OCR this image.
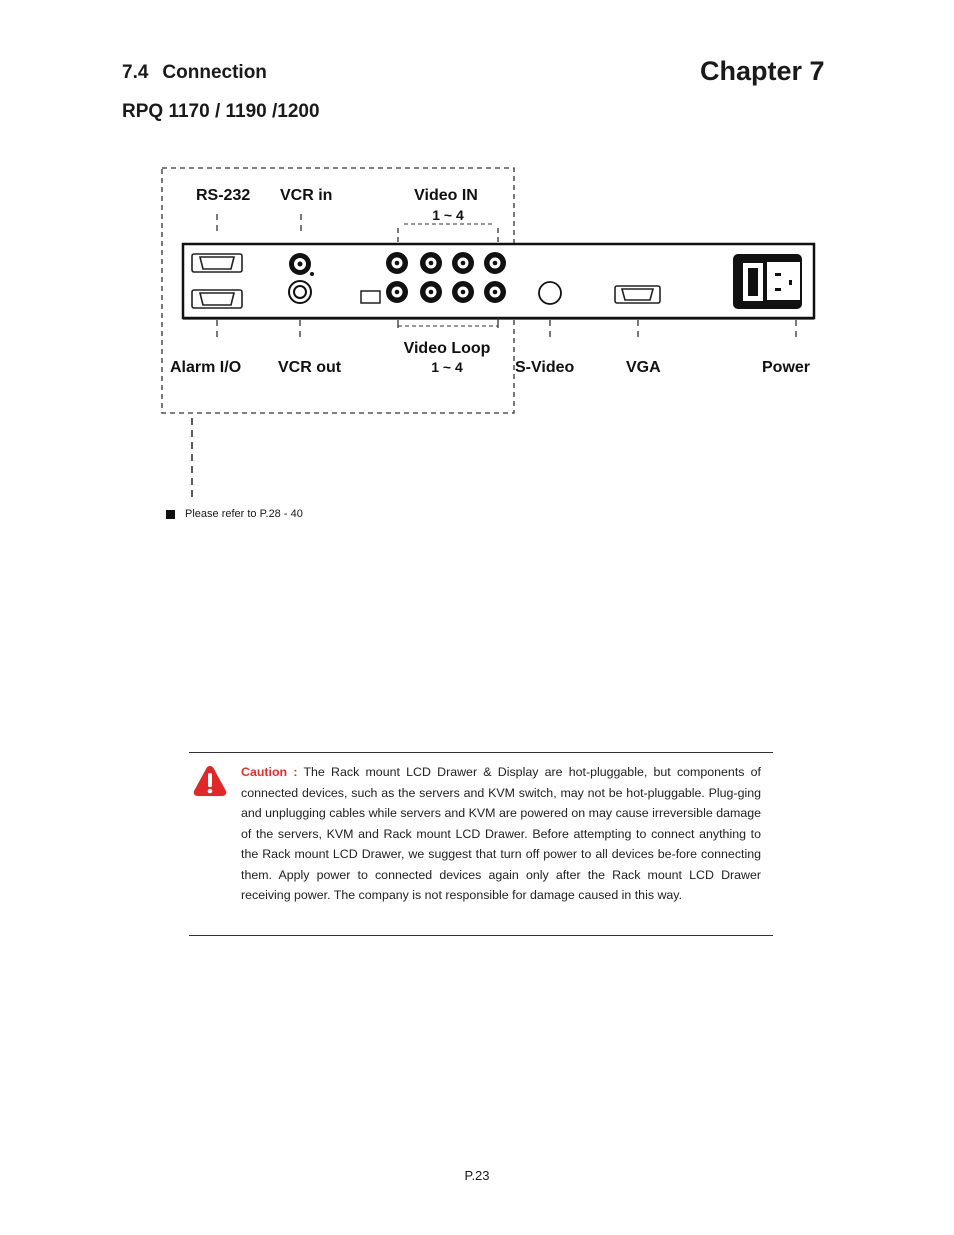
7.4 Connection	Chapter 7
RPQ 1170 / 1190 /1200
RS-232 VCR in	Video IN
1 ~ 4
Alarm I/O VCR out
Video Loop
1 ~ 4	S-Video	VGA	Power
Please refer to P.28 - 40
Caution : The Rack mount LCD Drawer & Display are hot-pluggable, but components of connected devices, such as the servers and KVM switch, may not be hot-pluggable. Plug-ging and unplugging cables while servers and KVM are powered on may cause irreversible damage of the servers, KVM and Rack mount LCD Drawer. Before attempting to connect anything to the Rack mount LCD Drawer, we suggest that turn off power to all devices be-fore connecting them. Apply power to connected devices again only after the Rack mount LCD Drawer receiving power. The company is not responsible for damage caused in this way.
P.23
